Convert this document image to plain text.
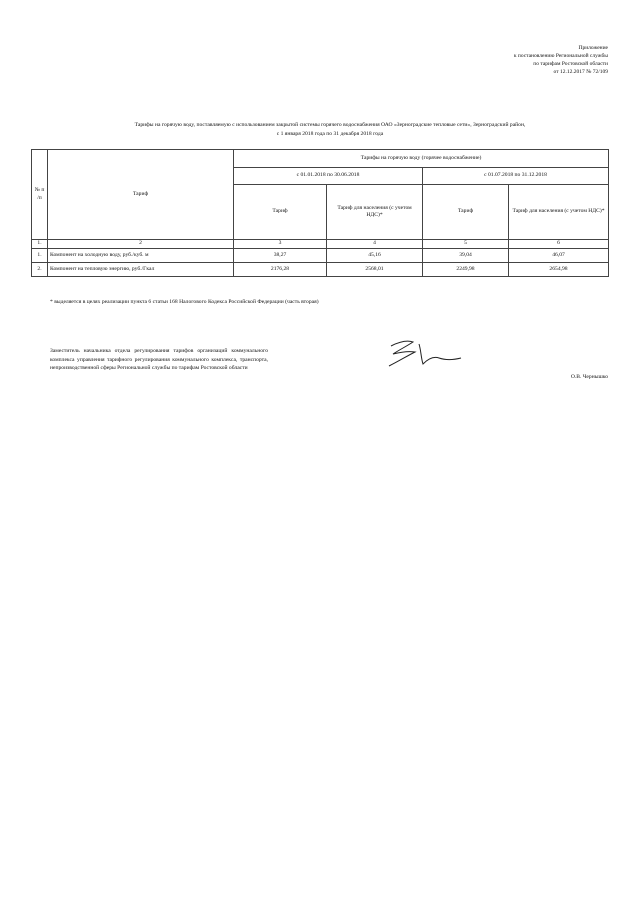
Приложение
к постановлению Региональной службы
по тарифам Ростовской области
от 12.12.2017 № 72/109
Тарифы на горячую воду, поставляемую с использованием закрытой системы горячего водоснабжения ОАО «Зерноградские тепловые сети», Зерноградский район,
с 1 января 2018 года по 31 декабря 2018 года
№ п /п	Тариф	Тарифы на горячую воду (горячее водоснабжение)			
		с 01.01.2018 по 30.06.2018		с 01.07.2018 по 31.12.2018	
		Тариф	Тариф для населения (с учетом НДС)*	Тариф	Тариф для населения (с учетом НДС)*
1.	2	3	4	5	6
1.	Компонент на холодную воду, руб./куб. м	38,27	45,16	39,04	46,07
2.	Компонент на тепловую энергию, руб./Гкал	2176,28	2568,01	2249,98	2654,98
* выделяется в целях реализации пункта 6 статьи 168 Налогового Кодекса Российской Федерации (часть вторая)
Заместитель начальника отдела регулирования тарифов организаций коммунального комплекса управления тарифного регулирования коммунального комплекса, транспорта, непроизводственной сферы Региональной службы по тарифам Ростовской области
О.В. Чернышко
